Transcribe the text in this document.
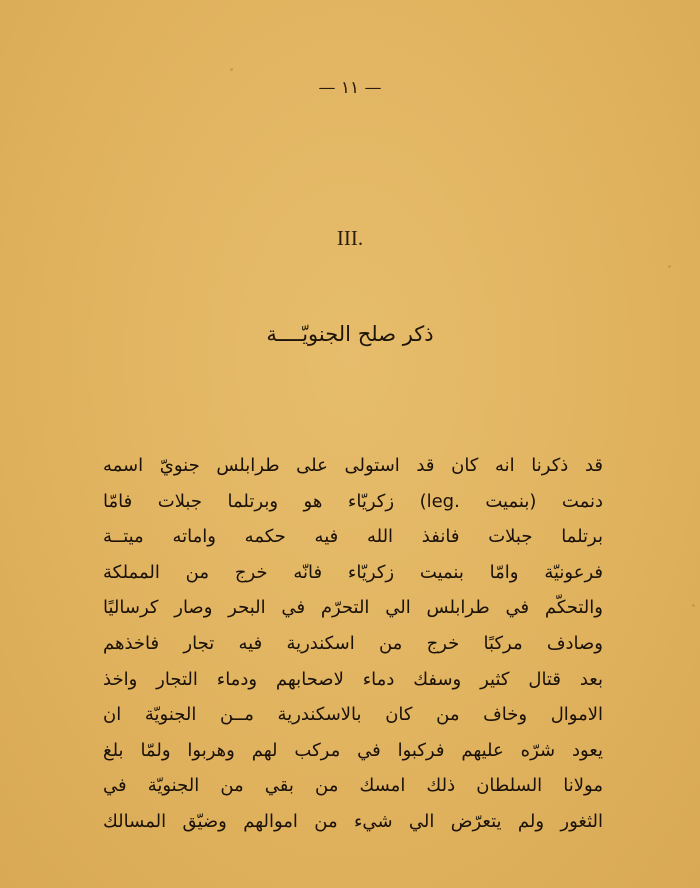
— ۱۱ —
III.
ذكر صلح الجنويّــــة
قد ذكرنا انه كان قد استولى على طرابلس جنويّ اسمه
دنمت (بنميت .leg) زكريّاء هو وبرتلما جبلات فامّا
برتلما جبلات فانفذ الله فيه حكمه واماته ميتــة
فرعونيّة وامّا بنميت زكريّاء فانّه خرج من المملكة
والتحكّم في طرابلس الي التحرّم في البحر وصار كرساليًا
وصادف مركبًا خرج من اسكندرية فيه تجار فاخذهم
بعد قتال كثير وسفك دماء لاصحابهم ودماء التجار واخذ
الاموال وخاف من كان بالاسكندرية مــن الجنويّة ان
يعود شرّه عليهم فركبوا في مركب لهم وهربوا ولمّا بلغ
مولانا السلطان ذلك امسك من بقي من الجنويّة في
الثغور ولم يتعرّض الي شيء من اموالهم وضيّق المسالك
